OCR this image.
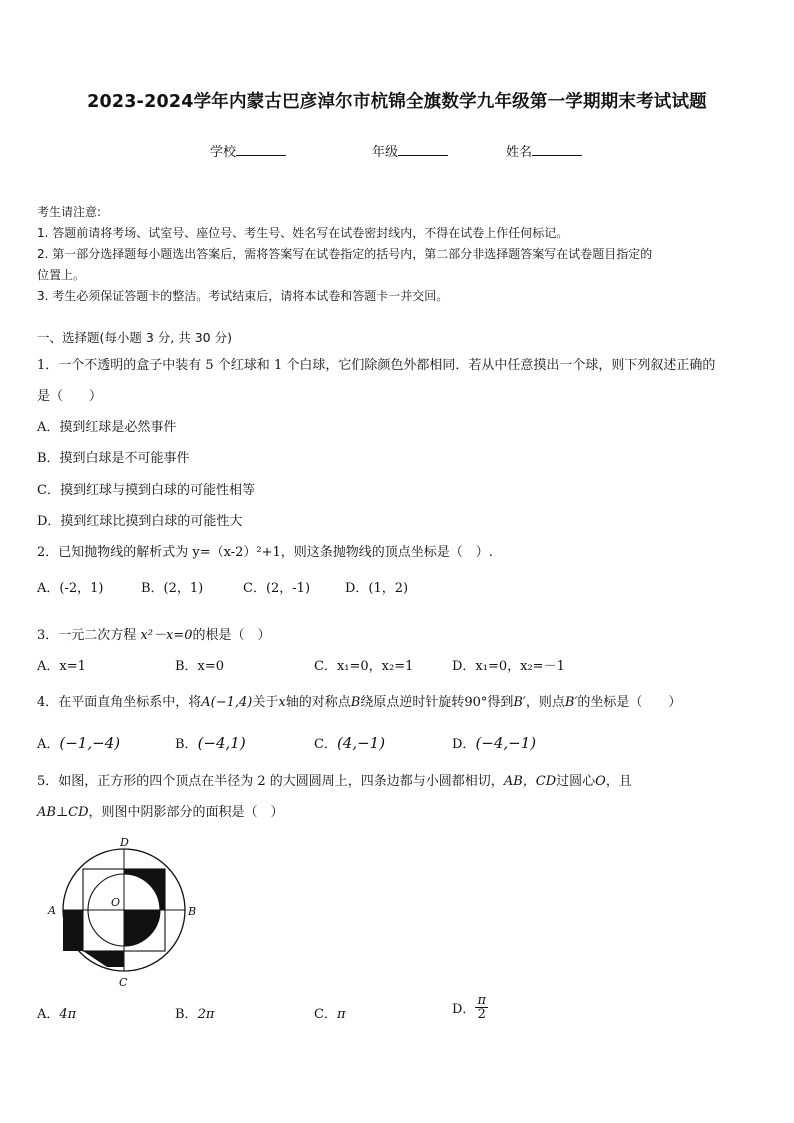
2023-2024学年内蒙古巴彦淖尔市杭锦全旗数学九年级第一学期期末考试试题
学校	年级	姓名
考生请注意:
1. 答题前请将考场、试室号、座位号、考生号、姓名写在试卷密封线内，不得在试卷上作任何标记。
2. 第一部分选择题每小题选出答案后，需将答案写在试卷指定的括号内，第二部分非选择题答案写在试卷题目指定的
位置上。
3. 考生必须保证答题卡的整洁。考试结束后，请将本试卷和答题卡一并交回。
一、选择题(每小题 3 分, 共 30 分)
1．一个不透明的盒子中装有 5 个红球和 1 个白球，它们除颜色外都相同．若从中任意摸出一个球，则下列叙述正确的
是（　　）
A．摸到红球是必然事件
B．摸到白球是不可能事件
C．摸到红球与摸到白球的可能性相等
D．摸到红球比摸到白球的可能性大
2．已知抛物线的解析式为 y=（x-2）²+1，则这条抛物线的顶点坐标是（　）.
A．(-2，1)	B．(2，1)	C．(2，-1)	D．(1，2)
3．一元二次方程 x²－x=0的根是（　）
A．x=1	B．x=0	C．x₁=0，x₂=1	D．x₁=0，x₂=－1
4．在平面直角坐标系中，将A(−1,4)关于x轴的对称点B绕原点逆时针旋转90°得到B′，则点B′的坐标是（　　）
A．(−1,−4)	B．(−4,1)	C．(4,−1)	D．(−4,−1)
5．如图，正方形的四个顶点在半径为 2 的大圆圆周上，四条边都与小圆都相切，AB，CD过圆心O，且
AB⊥CD，则图中阴影部分的面积是（　）
D
A
O
B
C
A．4π	B．2π	C．π	D． $\frac{\pi}{2}$
